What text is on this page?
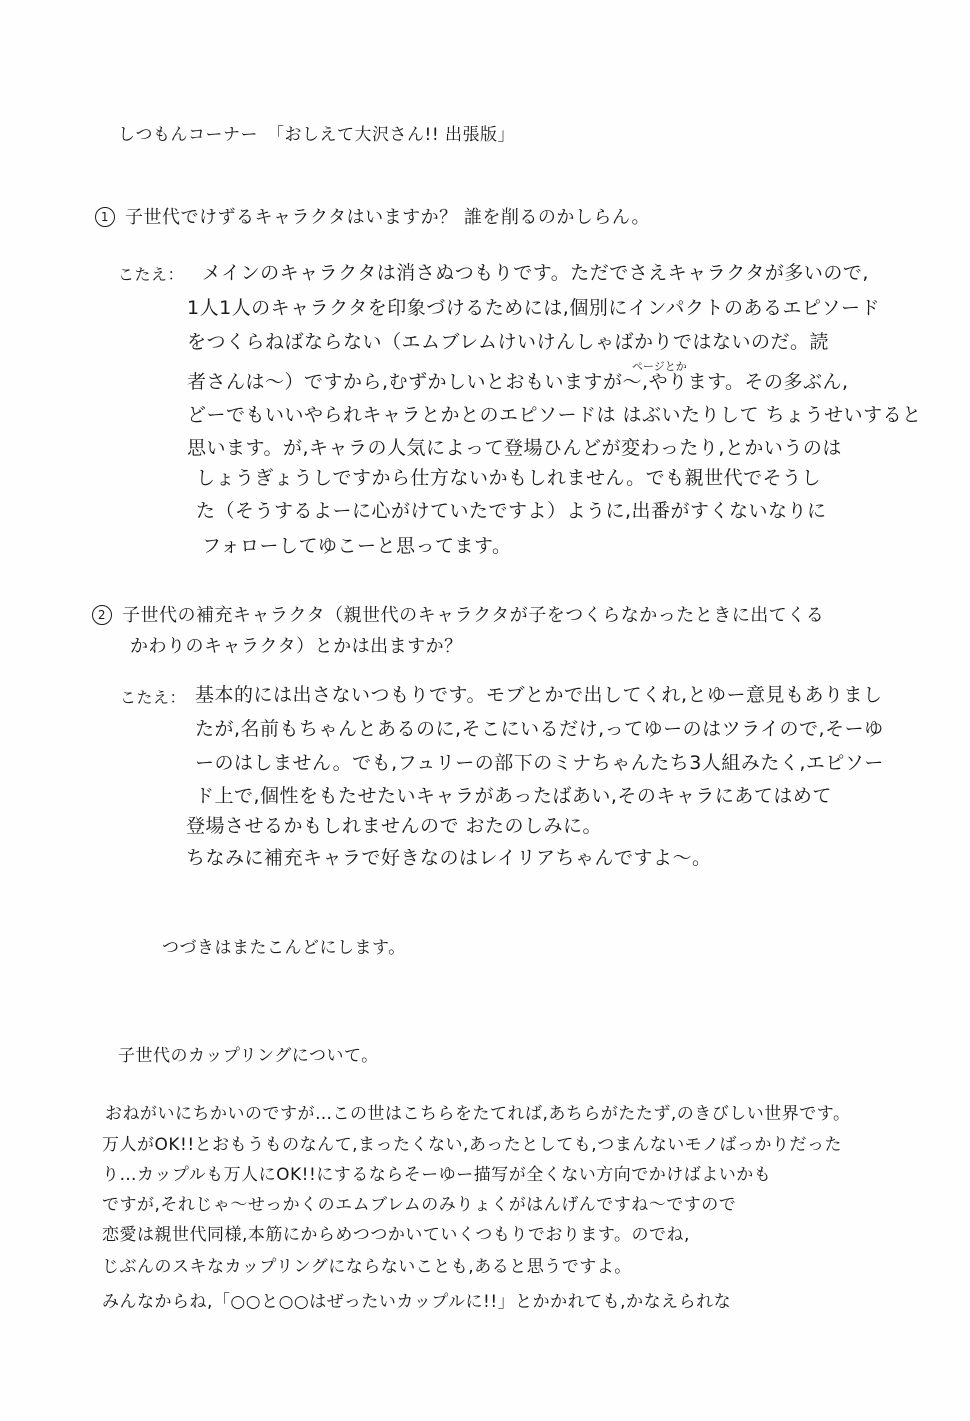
しつもんコーナー　「おしえて大沢さん!! 出張版」
1 子世代でけずるキャラクタはいますか？ 誰を削るのかしらん。
こたえ： メインのキャラクタは消さぬつもりです。ただでさえキャラクタが多いので,
1人1人のキャラクタを印象づけるためには,個別にインパクトのあるエピソード
をつくらねばならない（エムブレムけいけんしゃばかりではないのだ。読
ページとか
者さんは〜）ですから,むずかしいとおもいますが〜,やります。その多ぶん,
どーでもいいやられキャラとかとのエピソードは はぶいたりして ちょうせいすると
思います。が,キャラの人気によって登場ひんどが変わったり,とかいうのは
しょうぎょうしですから仕方ないかもしれません。でも親世代でそうし
た（そうするよーに心がけていたですよ）ように,出番がすくないなりに
フォローしてゆこーと思ってます。
2 子世代の補充キャラクタ（親世代のキャラクタが子をつくらなかったときに出てくる
かわりのキャラクタ）とかは出ますか？
こたえ： 基本的には出さないつもりです。モブとかで出してくれ,とゆー意見もありまし
たが,名前もちゃんとあるのに,そこにいるだけ,ってゆーのはツライので,そーゆ
ーのはしません。でも,フュリーの部下のミナちゃんたち3人組みたく,エピソー
ド上で,個性をもたせたいキャラがあったばあい,そのキャラにあてはめて
登場させるかもしれませんので おたのしみに。
ちなみに補充キャラで好きなのはレイリアちゃんですよ〜。
つづきはまたこんどにします。
子世代のカップリングについて。
おねがいにちかいのですが…この世はこちらをたてれば,あちらがたたず,のきびしい世界です。
万人がOK!!とおもうものなんて,まったくない,あったとしても,つまんないモノばっかりだった
り…カップルも万人にOK!!にするならそーゆー描写が全くない方向でかけばよいかも
ですが,それじゃ〜せっかくのエムブレムのみりょくがはんげんですね〜ですので
恋愛は親世代同様,本筋にからめつつかいていくつもりでおります。のでね,
じぶんのスキなカップリングにならないことも,あると思うですよ。
みんなからね,「○○と○○はぜったいカップルに!!」とかかれても,かなえられな
